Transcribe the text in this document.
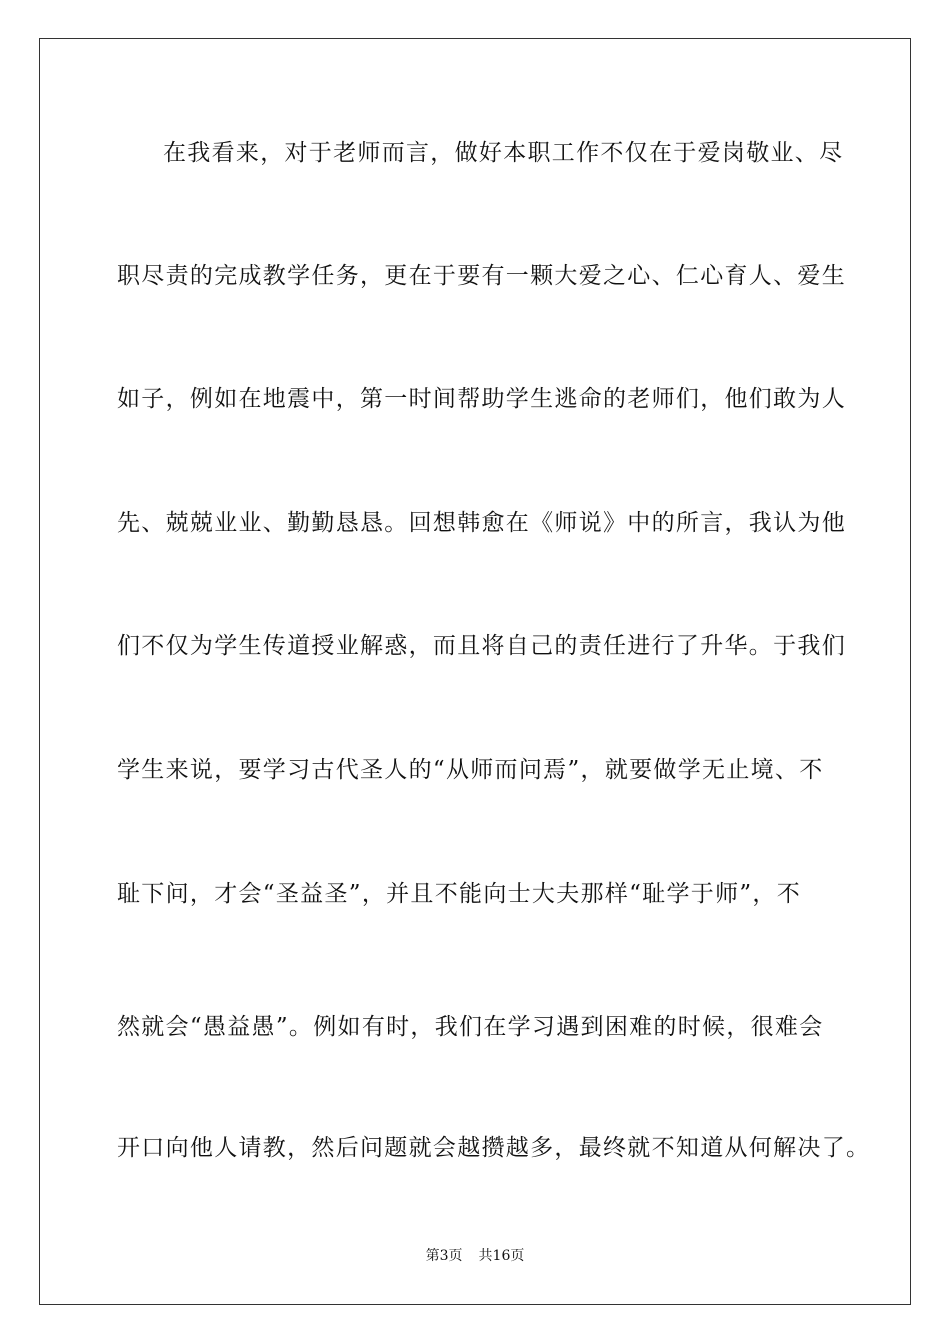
在我看来，对于老师而言，做好本职工作不仅在于爱岗敬业、尽
职尽责的完成教学任务，更在于要有一颗大爱之心、仁心育人、爱生
如子，例如在地震中，第一时间帮助学生逃命的老师们，他们敢为人
先、兢兢业业、勤勤恳恳。回想韩愈在《师说》中的所言，我认为他
们不仅为学生传道授业解惑，而且将自己的责任进行了升华。于我们
学生来说，要学习古代圣人的“从师而问焉”，就要做学无止境、不
耻下问，才会“圣益圣”，并且不能向士大夫那样“耻学于师”，不
然就会“愚益愚”。例如有时，我们在学习遇到困难的时候，很难会
开口向他人请教，然后问题就会越攒越多，最终就不知道从何解决了。
第3页 共16页
